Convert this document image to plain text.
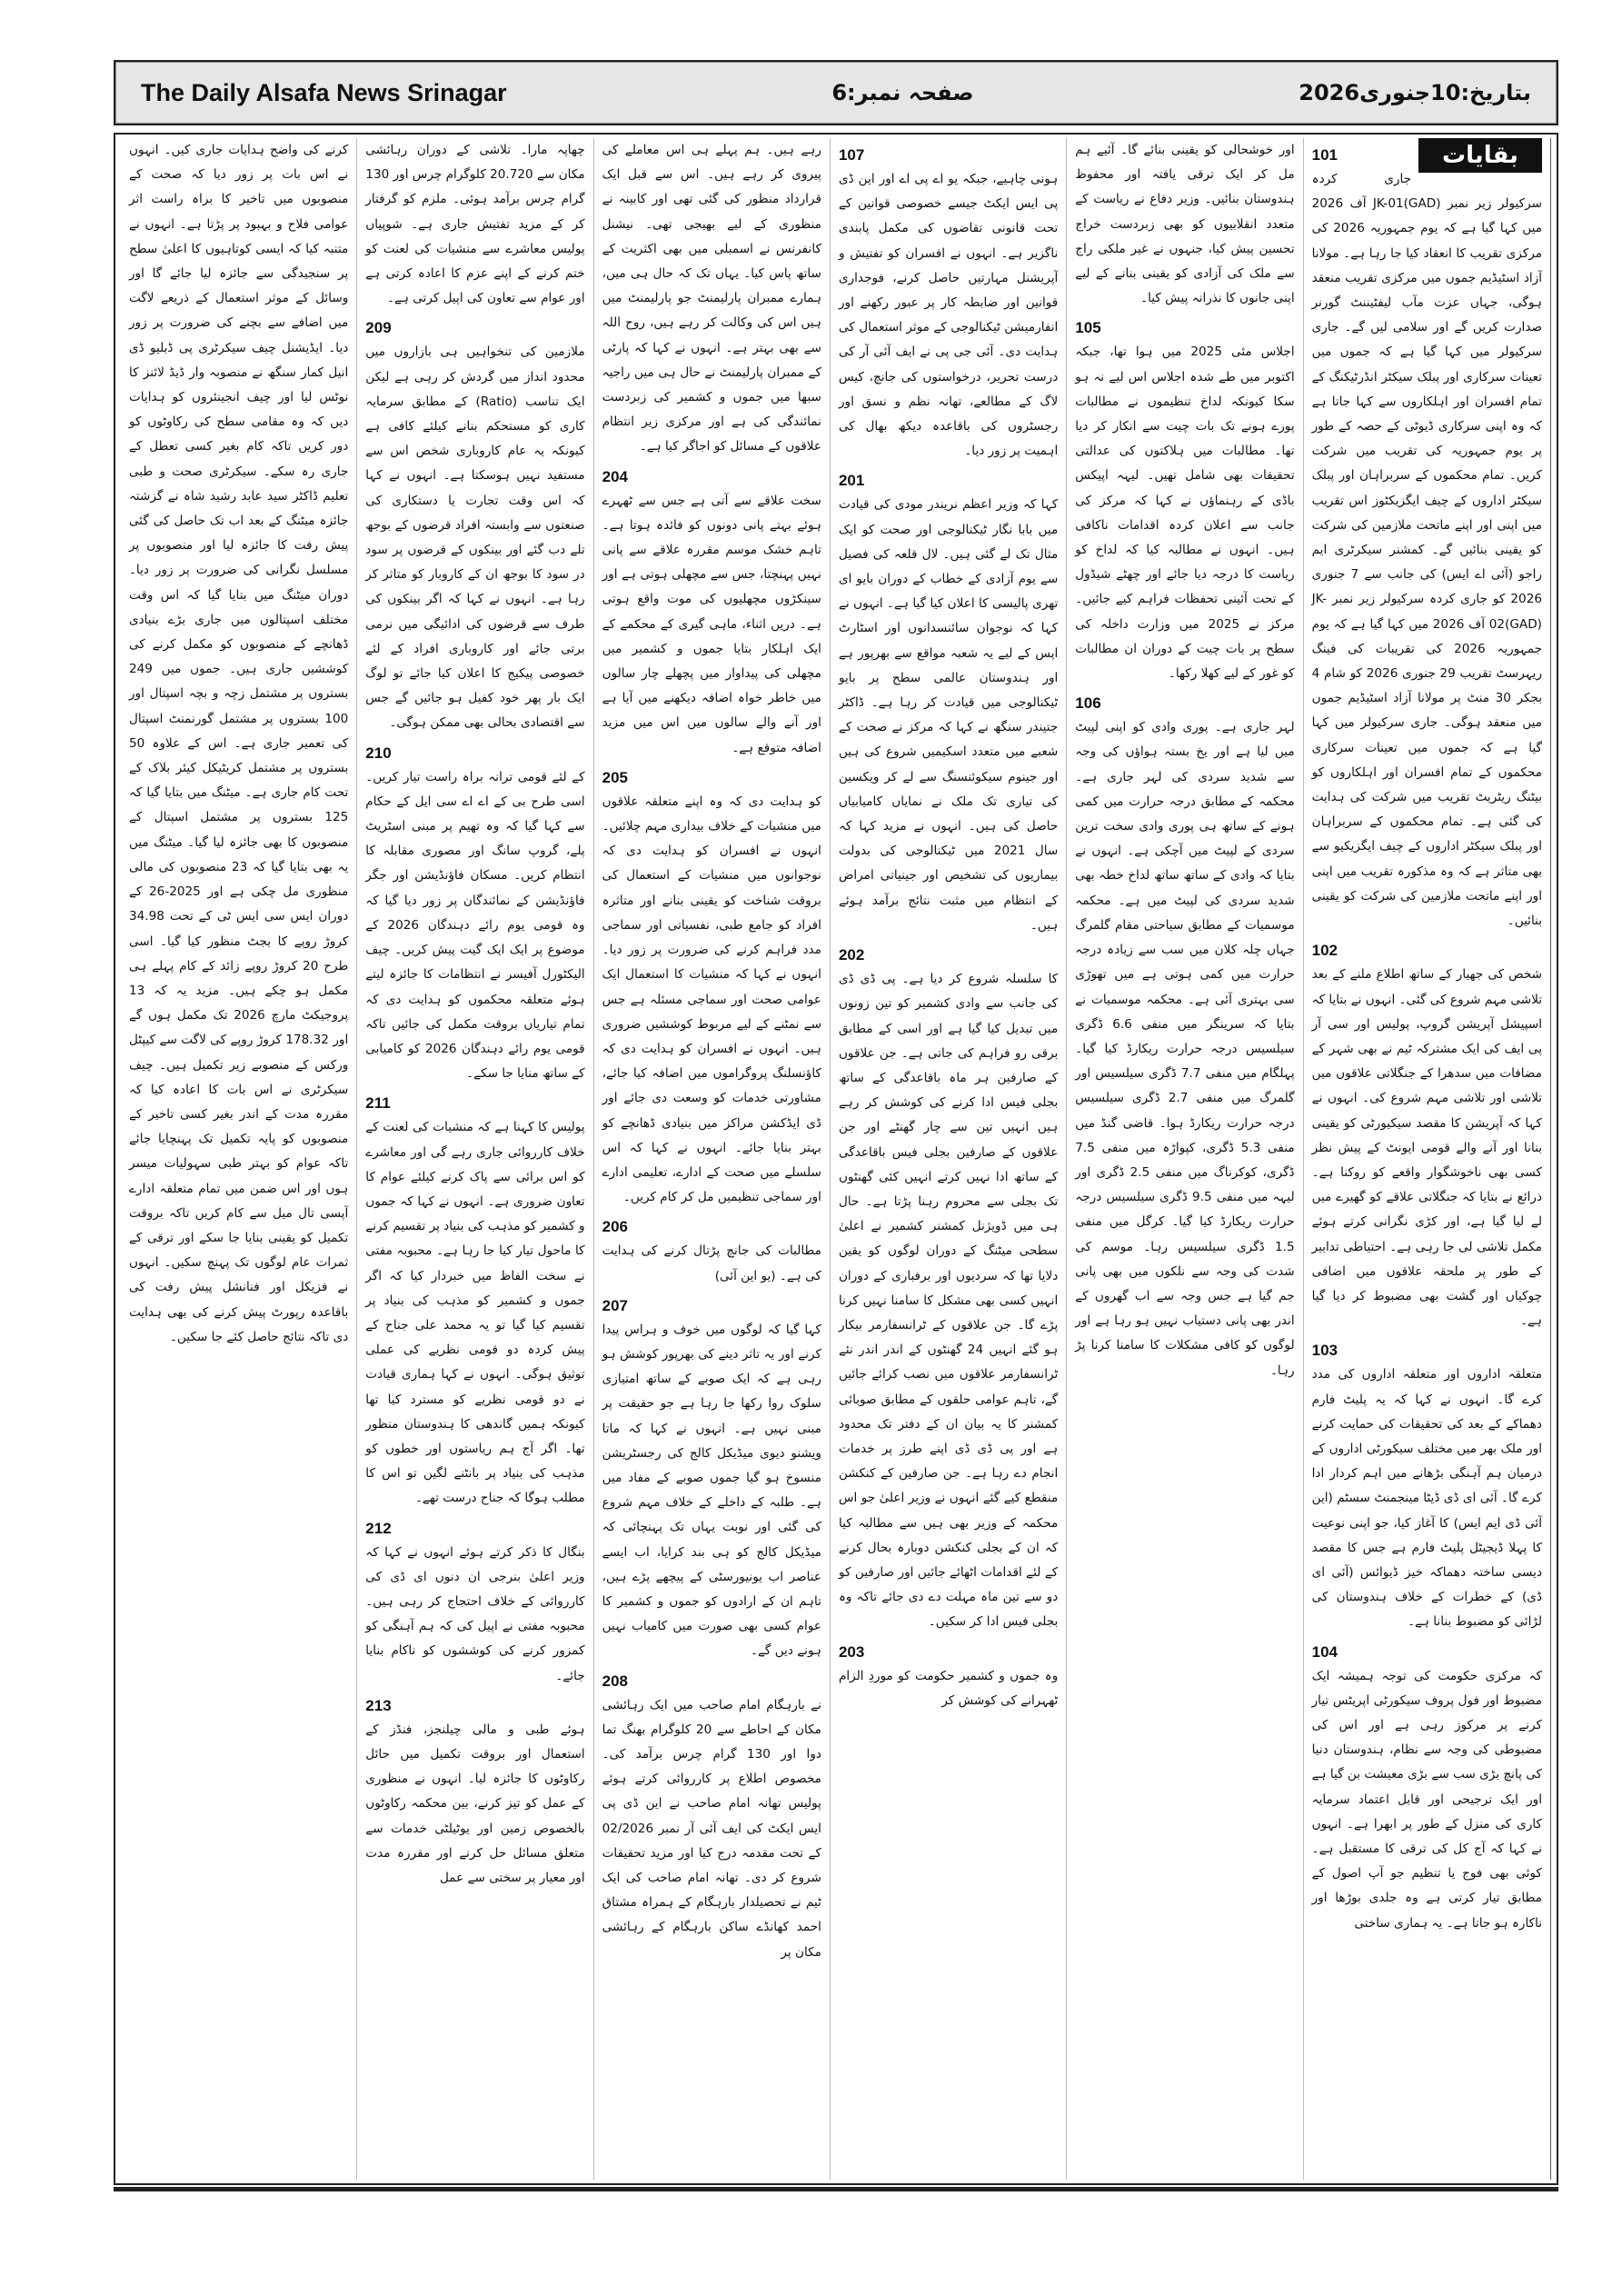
The Daily Alsafa News Srinagar	صفحہ نمبر:6	بتاریخ:10جنوری2026
بقایات
101

جاری کردہ سرکیولر زیر نمبر JK-01(GAD) آف 2026 میں کہا گیا ہے کہ یوم جمہوریہ 2026 کی مرکزی تقریب کا انعقاد کیا جا رہا ہے۔ مولانا آزاد اسٹیڈیم جموں میں مرکزی تقریب منعقد ہوگی، جہاں عزت مآب لیفٹیننٹ گورنر صدارت کریں گے اور سلامی لیں گے۔ جاری سرکیولر میں کہا گیا ہے کہ جموں میں تعینات سرکاری اور پبلک سیکٹر انڈرٹیکنگ کے تمام افسران اور اہلکاروں سے کہا جاتا ہے کہ وہ اپنی سرکاری ڈیوٹی کے حصہ کے طور پر یوم جمہوریہ کی تقریب میں شرکت کریں۔ تمام محکموں کے سربراہان اور پبلک سیکٹر اداروں کے چیف ایگزیکٹوز اس تقریب میں اپنی اور اپنے ماتحت ملازمین کی شرکت کو یقینی بنائیں گے۔ کمشنر سیکرٹری ایم راجو (آئی اے ایس) کی جانب سے 7 جنوری 2026 کو جاری کردہ سرکیولر زیر نمبر JK-02(GAD) آف 2026 میں کہا گیا ہے کہ یوم جمہوریہ 2026 کی تقریبات کی فینگ ریہرسٹ تقریب 29 جنوری 2026 کو شام 4 بجکر 30 منٹ پر مولانا آزاد اسٹیڈیم جموں میں منعقد ہوگی۔ جاری سرکیولر میں کہا گیا ہے کہ جموں میں تعینات سرکاری محکموں کے تمام افسران اور اہلکاروں کو بیٹنگ ریٹریٹ تقریب میں شرکت کی ہدایت کی گئی ہے۔ تمام محکموں کے سربراہان اور پبلک سیکٹر اداروں کے چیف ایگزیکیو سے بھی متاثر ہے کہ وہ مذکورہ تقریب میں اپنی اور اپنے ماتحت ملازمین کی شرکت کو یقینی بنائیں۔

102

شخص کی جھیار کے ساتھ اطلاع ملنے کے بعد تلاشی مہم شروع کی گئی۔ انہوں نے بتایا کہ اسپیشل آپریشن گروپ، پولیس اور سی آر پی ایف کی ایک مشترکہ ٹیم نے بھی شہر کے مضافات میں سدھرا کے جنگلاتی علاقوں میں تلاشی اور تلاشی مہم شروع کی۔ انہوں نے کہا کہ آپریشن کا مقصد سیکیورٹی کو یقینی بنانا اور آنے والے قومی ایونٹ کے پیش نظر کسی بھی ناخوشگوار واقعے کو روکنا ہے۔ ذرائع نے بتایا کہ جنگلاتی علاقے کو گھیرے میں لے لیا گیا ہے، اور کڑی نگرانی کرتے ہوئے مکمل تلاشی لی جا رہی ہے۔ احتیاطی تدابیر کے طور پر ملحقہ علاقوں میں اضافی چوکیاں اور گشت بھی مضبوط کر دیا گیا ہے۔

103

متعلقہ اداروں اور متعلقہ اداروں کی مدد کرے گا۔ انہوں نے کہا کہ یہ پلیٹ فارم دھماکے کے بعد کی تحقیقات کی حمایت کرنے اور ملک بھر میں مختلف سیکورٹی اداروں کے درمیان ہم آہنگی بڑھانے میں اہم کردار ادا کرے گا۔ آئی ای ڈی ڈیٹا مینجمنٹ سسٹم (این آئی ڈی ایم ایس) کا آغاز کیا، جو اپنی نوعیت کا پہلا ڈیجیٹل پلیٹ فارم ہے جس کا مقصد دیسی ساختہ دھماکہ خیز ڈیوائس (آئی ای ڈی) کے خطرات کے خلاف ہندوستان کی لڑائی کو مضبوط بنانا ہے۔

104

کہ مرکزی حکومت کی توجہ ہمیشہ ایک مضبوط اور فول پروف سیکورٹی اپریٹس تیار کرنے پر مرکوز رہی ہے اور اس کی مضبوطی کی وجہ سے نظام، ہندوستان دنیا کی پانچ بڑی سب سے بڑی معیشت بن گیا ہے اور ایک ترجیحی اور قابل اعتماد سرمایہ کاری کی منزل کے طور پر ابھرا ہے۔ انہوں نے کہا کہ آج کل کی ترقی کا مستقبل ہے۔ کوئی بھی فوج یا تنظیم جو آپ اصول کے مطابق تیار کرتی ہے وہ جلدی بوڑھا اور ناکارہ ہو جاتا ہے۔ یہ ہماری ساختی

اور خوشحالی کو یقینی بنائے گا۔ آئیے ہم مل کر ایک ترقی یافتہ اور محفوظ ہندوستان بنائیں۔ وزیر دفاع نے ریاست کے متعدد انقلابیوں کو بھی زبردست خراج تحسین پیش کیا، جنہوں نے غیر ملکی راج سے ملک کی آزادی کو یقینی بنانے کے لیے اپنی جانوں کا نذرانہ پیش کیا۔

105

اجلاس مئی 2025 میں ہوا تھا، جبکہ اکتوبر میں طے شدہ اجلاس اس لیے نہ ہو سکا کیونکہ لداخ تنظیموں نے مطالبات پورے ہونے تک بات چیت سے انکار کر دیا تھا۔ مطالبات میں ہلاکتوں کی عدالتی تحقیقات بھی شامل تھیں۔ لیہہ اپیکس باڈی کے رہنماؤں نے کہا کہ مرکز کی جانب سے اعلان کردہ اقدامات ناکافی ہیں۔ انہوں نے مطالبہ کیا کہ لداخ کو ریاست کا درجہ دیا جائے اور چھٹے شیڈول کے تحت آئینی تحفظات فراہم کیے جائیں۔ مرکز نے 2025 میں وزارت داخلہ کی سطح پر بات چیت کے دوران ان مطالبات کو غور کے لیے کھلا رکھا۔

106

لہر جاری ہے۔ پوری وادی کو اپنی لپیٹ میں لیا ہے اور یخ بستہ ہواؤں کی وجہ سے شدید سردی کی لہر جاری ہے۔ محکمہ کے مطابق درجہ حرارت میں کمی ہونے کے ساتھ ہی پوری وادی سخت ترین سردی کے لپیٹ میں آچکی ہے۔ انہوں نے بتایا کہ وادی کے ساتھ ساتھ لداخ خطہ بھی شدید سردی کی لپیٹ میں ہے۔ محکمہ موسمیات کے مطابق سیاحتی مقام گلمرگ جہاں چلہ کلان میں سب سے زیادہ درجہ حرارت میں کمی ہوتی ہے میں تھوڑی سی بہتری آئی ہے۔ محکمہ موسمیات نے بتایا کہ سرینگر میں منفی 6.6 ڈگری سیلسیس درجہ حرارت ریکارڈ کیا گیا۔ پہلگام میں منفی 7.7 ڈگری سیلسیس اور گلمرگ میں منفی 2.7 ڈگری سیلسیس درجہ حرارت ریکارڈ ہوا۔ قاضی گنڈ میں منفی 5.3 ڈگری، کپواڑہ میں منفی 7.5 ڈگری، کوکرناگ میں منفی 2.5 ڈگری اور لیہہ میں منفی 9.5 ڈگری سیلسیس درجہ حرارت ریکارڈ کیا گیا۔ کرگل میں منفی 1.5 ڈگری سیلسیس رہا۔ موسم کی شدت کی وجہ سے نلکوں میں بھی پانی جم گیا ہے جس وجہ سے اب گھروں کے اندر بھی پانی دستیاب نہیں ہو رہا ہے اور لوگوں کو کافی مشکلات کا سامنا کرنا پڑ رہا۔

107

ہونی چاہیے، جبکہ یو اے پی اے اور این ڈی پی ایس ایکٹ جیسے خصوصی قوانین کے تحت قانونی تقاضوں کی مکمل پابندی ناگزیر ہے۔ انہوں نے افسران کو تفتیش و آپریشنل مہارتیں حاصل کرنے، فوجداری قوانین اور ضابطہ کار پر عبور رکھنے اور انفارمیشن ٹیکنالوجی کے موثر استعمال کی ہدایت دی۔ آئی جی پی نے ایف آئی آر کی درست تحریر، درخواستوں کی جانچ، کیس لاگ کے مطالعے، تھانہ نظم و نسق اور رجسٹروں کی باقاعدہ دیکھ بھال کی اہمیت پر زور دیا۔

201

کہا کہ وزیر اعظم نریندر مودی کی قیادت میں بابا نگار ٹیکنالوجی اور صحت کو ایک مثال تک لے گئی ہیں۔ لال قلعہ کی فصیل سے یوم آزادی کے خطاب کے دوران بایو ای تھری پالیسی کا اعلان کیا گیا ہے۔ انہوں نے کہا کہ نوجوان سائنسدانوں اور اسٹارٹ اپس کے لیے یہ شعبہ مواقع سے بھرپور ہے اور ہندوستان عالمی سطح پر بایو ٹیکنالوجی میں قیادت کر رہا ہے۔ ڈاکٹر جتیندر سنگھ نے کہا کہ مرکز نے صحت کے شعبے میں متعدد اسکیمیں شروع کی ہیں اور جینوم سیکوئنسنگ سے لے کر ویکسین کی تیاری تک ملک نے نمایاں کامیابیاں حاصل کی ہیں۔ انہوں نے مزید کہا کہ سال 2021 میں ٹیکنالوجی کی بدولت بیماریوں کی تشخیص اور جینیاتی امراض کے انتظام میں مثبت نتائج برآمد ہوئے ہیں۔

202

کا سلسلہ شروع کر دیا ہے۔ پی ڈی ڈی کی جانب سے وادی کشمیر کو تین زونوں میں تبدیل کیا گیا ہے اور اسی کے مطابق برقی رو فراہم کی جاتی ہے۔ جن علاقوں کے صارفین ہر ماہ باقاعدگی کے ساتھ بجلی فیس ادا کرنے کی کوشش کر رہے ہیں انہیں تین سے چار گھنٹے اور جن علاقوں کے صارفین بجلی فیس باقاعدگی کے ساتھ ادا نہیں کرتے انہیں کئی گھنٹوں تک بجلی سے محروم رہنا پڑتا ہے۔ حال ہی میں ڈویژنل کمشنر کشمیر نے اعلیٰ سطحی میٹنگ کے دوران لوگوں کو یقین دلایا تھا کہ سردیوں اور برفباری کے دوران انہیں کسی بھی مشکل کا سامنا نہیں کرنا پڑے گا۔ جن علاقوں کے ٹرانسفارمر بیکار ہو گئے انہیں 24 گھنٹوں کے اندر اندر نئے ٹرانسفارمر علاقوں میں نصب کرائے جائیں گے، تاہم عوامی حلقوں کے مطابق صوبائی کمشنر کا یہ بیان ان کے دفتر تک محدود ہے اور پی ڈی ڈی اپنے طرز پر خدمات انجام دے رہا ہے۔ جن صارفین کے کنکشن منقطع کیے گئے انہوں نے وزیر اعلیٰ جو اس محکمہ کے وزیر بھی ہیں سے مطالبہ کیا کہ ان کے بجلی کنکشن دوبارہ بحال کرنے کے لئے اقدامات اٹھائے جائیں اور صارفین کو دو سے تین ماہ مہلت دے دی جائے تاکہ وہ بجلی فیس ادا کر سکیں۔

203

وہ جموں و کشمیر حکومت کو موردِ الزام ٹھہرانے کی کوشش کر

رہے ہیں۔ ہم پہلے ہی اس معاملے کی پیروی کر رہے ہیں۔ اس سے قبل ایک قرارداد منظور کی گئی تھی اور کابینہ نے منظوری کے لیے بھیجی تھی۔ نیشنل کانفرنس نے اسمبلی میں بھی اکثریت کے ساتھ پاس کیا۔ یہاں تک کہ حال ہی میں، ہمارے ممبران پارلیمنٹ جو پارلیمنٹ میں ہیں اس کی وکالت کر رہے ہیں، روح اللہ سے بھی بہتر ہے۔ انہوں نے کہا کہ پارٹی کے ممبران پارلیمنٹ نے حال ہی میں راجیہ سبھا میں جموں و کشمیر کی زبردست نمائندگی کی ہے اور مرکزی زیر انتظام علاقوں کے مسائل کو اجاگر کیا ہے۔

204

سخت علاقے سے آتی ہے جس سے ٹھہرے ہوئے بہتے پانی دونوں کو فائدہ ہوتا ہے۔ تاہم خشک موسم مقررہ علاقے سے پانی نہیں پہنچتا، جس سے مچھلی ہوتی ہے اور سینکڑوں مچھلیوں کی موت واقع ہوتی ہے۔ دریں اثناء، ماہی گیری کے محکمے کے ایک اہلکار بتایا جموں و کشمیر میں مچھلی کی پیداوار میں پچھلے چار سالوں میں خاطر خواہ اضافہ دیکھنے میں آیا ہے اور آنے والے سالوں میں اس میں مزید اضافہ متوقع ہے۔

205

کو ہدایت دی کہ وہ اپنے متعلقہ علاقوں میں منشیات کے خلاف بیداری مہم چلائیں۔ انہوں نے افسران کو ہدایت دی کہ نوجوانوں میں منشیات کے استعمال کی بروقت شناخت کو یقینی بنانے اور متاثرہ افراد کو جامع طبی، نفسیاتی اور سماجی مدد فراہم کرنے کی ضرورت پر زور دیا۔ انہوں نے کہا کہ منشیات کا استعمال ایک عوامی صحت اور سماجی مسئلہ ہے جس سے نمٹنے کے لیے مربوط کوششیں ضروری ہیں۔ انہوں نے افسران کو ہدایت دی کہ کاؤنسلنگ پروگراموں میں اضافہ کیا جائے، مشاورتی خدمات کو وسعت دی جائے اور ڈی ایڈکشن مراکز میں بنیادی ڈھانچے کو بہتر بنایا جائے۔ انہوں نے کہا کہ اس سلسلے میں صحت کے ادارے، تعلیمی ادارے اور سماجی تنظیمیں مل کر کام کریں۔

206

مطالبات کی جانچ پڑتال کرنے کی ہدایت کی ہے۔ (یو این آئی)

207

کہا گیا کہ لوگوں میں خوف و ہراس پیدا کرنے اور یہ تاثر دینے کی بھرپور کوشش ہو رہی ہے کہ ایک صوبے کے ساتھ امتیازی سلوک روا رکھا جا رہا ہے جو حقیقت پر مبنی نہیں ہے۔ انہوں نے کہا کہ ماتا ویشنو دیوی میڈیکل کالج کی رجسٹریشن منسوخ ہو گیا جموں صوبے کے مفاد میں ہے۔ طلبہ کے داخلے کے خلاف مہم شروع کی گئی اور نوبت یہاں تک پہنچائی کہ میڈیکل کالج کو ہی بند کرایا، اب ایسے عناصر اب یونیورسٹی کے پیچھے پڑے ہیں، تاہم ان کے ارادوں کو جموں و کشمیر کا عوام کسی بھی صورت میں کامیاب نہیں ہونے دیں گے۔

208

نے بارہگام امام صاحب میں ایک رہائشی مکان کے احاطے سے 20 کلوگرام بھنگ تما دوا اور 130 گرام چرس برآمد کی۔ مخصوص اطلاع پر کارروائی کرتے ہوئے پولیس تھانہ امام صاحب نے این ڈی پی ایس ایکٹ کی ایف آئی آر نمبر 02/2026 کے تحت مقدمہ درج کیا اور مزید تحقیقات شروع کر دی۔ تھانہ امام صاحب کی ایک ٹیم نے تحصیلدار بارہگام کے ہمراہ مشتاق احمد کھانڈے ساکن بارہگام کے رہائشی مکان پر

چھاپہ مارا۔ تلاشی کے دوران رہائشی مکان سے 20.720 کلوگرام چرس اور 130 گرام چرس برآمد ہوئی۔ ملزم کو گرفتار کر کے مزید تفتیش جاری ہے۔ شوپیاں پولیس معاشرے سے منشیات کی لعنت کو ختم کرنے کے اپنے عزم کا اعادہ کرتی ہے اور عوام سے تعاون کی اپیل کرتی ہے۔

209

ملازمین کی تنخواہیں ہی بازاروں میں محدود انداز میں گردش کر رہی ہے لیکن ایک تناسب (Ratio) کے مطابق سرمایہ کاری کو مستحکم بنانے کیلئے کافی ہے کیونکہ یہ عام کاروباری شخص اس سے مستفید نہیں ہوسکتا ہے۔ انہوں نے کہا کہ اس وقت تجارت یا دستکاری کی صنعتوں سے وابستہ افراد قرضوں کے بوجھ تلے دب گئے اور بینکوں کے قرضوں پر سود در سود کا بوجھ ان کے کاروبار کو متاثر کر رہا ہے۔ انہوں نے کہا کہ اگر بینکوں کی طرف سے قرضوں کی ادائیگی میں نرمی برتی جائے اور کاروباری افراد کے لئے خصوصی پیکیج کا اعلان کیا جائے تو لوگ ایک بار پھر خود کفیل ہو جائیں گے جس سے اقتصادی بحالی بھی ممکن ہوگی۔

210

کے لئے قومی ترانہ براہ راست تیار کریں۔ اسی طرح بی کے اے اے سی ایل کے حکام سے کہا گیا کہ وہ تھیم پر مبنی اسٹریٹ پلے، گروپ سانگ اور مصوری مقابلہ کا انتظام کریں۔ مسکان فاؤنڈیشن اور جگر فاؤنڈیشن کے نمائندگان پر زور دیا گیا کہ وہ قومی یوم رائے دہندگان 2026 کے موضوع پر ایک ایک گیت پیش کریں۔ چیف الیکٹورل آفیسر نے انتظامات کا جائزہ لیتے ہوئے متعلقہ محکموں کو ہدایت دی کہ تمام تیاریاں بروقت مکمل کی جائیں تاکہ قومی یوم رائے دہندگان 2026 کو کامیابی کے ساتھ منایا جا سکے۔

211

پولیس کا کہنا ہے کہ منشیات کی لعنت کے خلاف کارروائی جاری رہے گی اور معاشرے کو اس برائی سے پاک کرنے کیلئے عوام کا تعاون ضروری ہے۔ انہوں نے کہا کہ جموں و کشمیر کو مذہب کی بنیاد پر تقسیم کرنے کا ماحول تیار کیا جا رہا ہے۔ محبوبہ مفتی نے سخت الفاظ میں خبردار کیا کہ اگر جموں و کشمیر کو مذہب کی بنیاد پر تقسیم کیا گیا تو یہ محمد علی جناح کے پیش کردہ دو قومی نظریے کی عملی توثیق ہوگی۔ انہوں نے کہا ہماری قیادت نے دو قومی نظریے کو مسترد کیا تھا کیونکہ ہمیں گاندھی کا ہندوستان منظور تھا۔ اگر آج ہم ریاستوں اور خطوں کو مذہب کی بنیاد پر بانٹنے لگیں تو اس کا مطلب ہوگا کہ جناح درست تھے۔

212

بنگال کا ذکر کرتے ہوئے انہوں نے کہا کہ وزیر اعلیٰ بنرجی ان دنوں ای ڈی کی کارروائی کے خلاف احتجاج کر رہی ہیں۔ محبوبہ مفتی نے اپیل کی کہ ہم آہنگی کو کمزور کرنے کی کوششوں کو ناکام بنایا جائے۔

213

ہوئے طبی و مالی چیلنجز، فنڈز کے استعمال اور بروقت تکمیل میں حائل رکاوٹوں کا جائزہ لیا۔ انہوں نے منظوری کے عمل کو تیز کرنے، بین محکمہ رکاوٹوں بالخصوص زمین اور یوٹیلٹی خدمات سے متعلق مسائل حل کرنے اور مقررہ مدت اور معیار پر سختی سے عمل

کرنے کی واضح ہدایات جاری کیں۔ انہوں نے اس بات پر زور دیا کہ صحت کے منصوبوں میں تاخیر کا براہ راست اثر عوامی فلاح و بہبود پر پڑتا ہے۔ انہوں نے متنبہ کیا کہ ایسی کوتاہیوں کا اعلیٰ سطح پر سنجیدگی سے جائزہ لیا جائے گا اور وسائل کے موثر استعمال کے ذریعے لاگت میں اضافے سے بچنے کی ضرورت پر زور دیا۔ ایڈیشنل چیف سیکرٹری پی ڈبلیو ڈی انیل کمار سنگھ نے منصوبہ وار ڈیڈ لائنز کا نوٹس لیا اور چیف انجینئروں کو ہدایات دیں کہ وہ مقامی سطح کی رکاوٹوں کو دور کریں تاکہ کام بغیر کسی تعطل کے جاری رہ سکے۔ سیکرٹری صحت و طبی تعلیم ڈاکٹر سید عابد رشید شاہ نے گزشتہ جائزہ میٹنگ کے بعد اب تک حاصل کی گئی پیش رفت کا جائزہ لیا اور منصوبوں پر مسلسل نگرانی کی ضرورت پر زور دیا۔ دوران میٹنگ میں بتایا گیا کہ اس وقت مختلف اسپتالوں میں جاری بڑے بنیادی ڈھانچے کے منصوبوں کو مکمل کرنے کی کوششیں جاری ہیں۔ جموں میں 249 بستروں پر مشتمل زچہ و بچہ اسپتال اور 100 بستروں پر مشتمل گورنمنٹ اسپتال کی تعمیر جاری ہے۔ اس کے علاوہ 50 بستروں پر مشتمل کریٹیکل کیئر بلاک کے تحت کام جاری ہے۔ میٹنگ میں بتایا گیا کہ 125 بستروں پر مشتمل اسپتال کے منصوبوں کا بھی جائزہ لیا گیا۔ میٹنگ میں یہ بھی بتایا گیا کہ 23 منصوبوں کی مالی منظوری مل چکی ہے اور 2025-26 کے دوران ایس سی ایس ٹی کے تحت 34.98 کروڑ روپے کا بجٹ منظور کیا گیا۔ اسی طرح 20 کروڑ روپے زائد کے کام پہلے ہی مکمل ہو چکے ہیں۔ مزید یہ کہ 13 پروجیکٹ مارچ 2026 تک مکمل ہوں گے اور 178.32 کروڑ روپے کی لاگت سے کیپٹل ورکس کے منصوبے زیر تکمیل ہیں۔ چیف سیکرٹری نے اس بات کا اعادہ کیا کہ مقررہ مدت کے اندر بغیر کسی تاخیر کے منصوبوں کو پایہ تکمیل تک پہنچایا جائے تاکہ عوام کو بہتر طبی سہولیات میسر ہوں اور اس ضمن میں تمام متعلقہ ادارے آپسی تال میل سے کام کریں تاکہ بروقت تکمیل کو یقینی بنایا جا سکے اور ترقی کے ثمرات عام لوگوں تک پہنچ سکیں۔ انہوں نے فزیکل اور فنانشل پیش رفت کی باقاعدہ رپورٹ پیش کرنے کی بھی ہدایت دی تاکہ نتائج حاصل کئے جا سکیں۔
